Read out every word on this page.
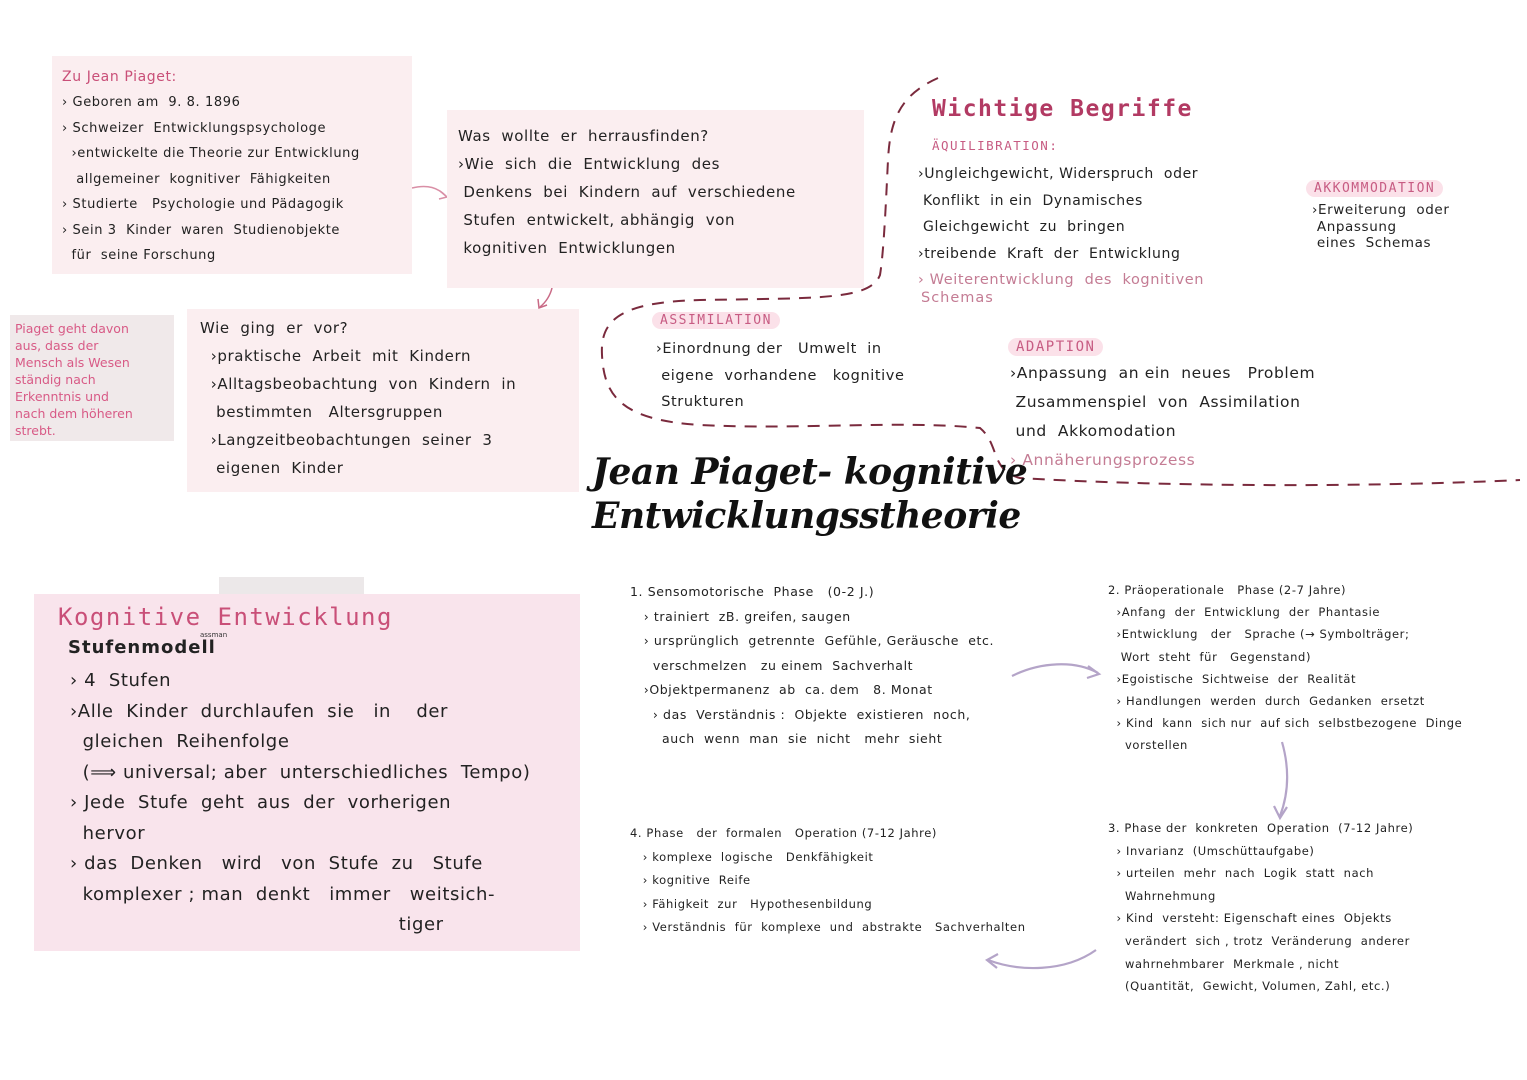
Zu Jean Piaget:
› Geboren am  9. 8. 1896
› Schweizer  Entwicklungspsychologe
›entwickelte die Theorie zur Entwicklung
allgemeiner  kognitiver  Fähigkeiten
› Studierte   Psychologie und Pädagogik
› Sein 3  Kinder  waren  Studienobjekte
für  seine Forschung
Was  wollte  er  herrausfinden?
›Wie  sich  die  Entwicklung  des
Denkens  bei  Kindern  auf  verschiedene
Stufen  entwickelt, abhängig  von
kognitiven  Entwicklungen
Piaget geht davon
aus, dass der
Mensch als Wesen
ständig nach
Erkenntnis und
nach dem höheren
strebt.
Wie  ging  er  vor?
›praktische  Arbeit  mit  Kindern
›Alltagsbeobachtung  von  Kindern  in
bestimmten   Altersgruppen
›Langzeitbeobachtungen  seiner  3
eigenen  Kinder
Wichtige Begriffe
ÄQUILIBRATION:
›Ungleichgewicht, Widerspruch  oder
Konflikt  in ein  Dynamisches
Gleichgewicht  zu  bringen
›treibende  Kraft  der  Entwicklung
› Weiterentwicklung  des  kognitiven
Schemas
AKKOMMODATION
›Erweiterung  oder
Anpassung
eines  Schemas
ASSIMILATION
›Einordnung der   Umwelt  in
eigene  vorhandene   kognitive
Strukturen
ADAPTION
›Anpassung  an ein  neues   Problem
Zusammenspiel  von  Assimilation
und  Akkomodation
› Annäherungsprozess
Jean Piaget- kognitive
Entwicklungsstheorie
Kognitive Entwicklung
assman
Stufenmodell
› 4  Stufen
›Alle  Kinder  durchlaufen  sie   in    der
gleichen  Reihenfolge
(⟹ universal; aber  unterschiedliches  Tempo)
› Jede  Stufe  geht  aus  der  vorherigen
hervor
› das  Denken   wird   von  Stufe  zu   Stufe
komplexer ; man  denkt   immer   weitsich-
tiger
1. Sensomotorische  Phase   (0-2 J.)
› trainiert  zB. greifen, saugen
› ursprünglich  getrennte  Gefühle, Geräusche  etc.
verschmelzen   zu einem  Sachverhalt
›Objektpermanenz  ab  ca. dem   8. Monat
› das  Verständnis :  Objekte  existieren  noch,
auch  wenn  man  sie  nicht   mehr  sieht
2. Präoperationale   Phase (2-7 Jahre)
›Anfang  der  Entwicklung  der  Phantasie
›Entwicklung   der   Sprache (→ Symbolträger;
Wort  steht  für   Gegenstand)
›Egoistische  Sichtweise  der  Realität
› Handlungen  werden  durch  Gedanken  ersetzt
› Kind  kann  sich nur  auf sich  selbstbezogene  Dinge
vorstellen
3. Phase der  konkreten  Operation  (7-12 Jahre)
› Invarianz  (Umschüttaufgabe)
› urteilen  mehr  nach  Logik  statt  nach
Wahrnehmung
› Kind  versteht: Eigenschaft eines  Objekts
verändert  sich , trotz  Veränderung  anderer
wahrnehmbarer  Merkmale , nicht
(Quantität,  Gewicht, Volumen, Zahl, etc.)
4. Phase   der  formalen   Operation (7-12 Jahre)
› komplexe  logische   Denkfähigkeit
› kognitive  Reife
› Fähigkeit  zur   Hypothesenbildung
› Verständnis  für  komplexe  und  abstrakte   Sachverhalten
